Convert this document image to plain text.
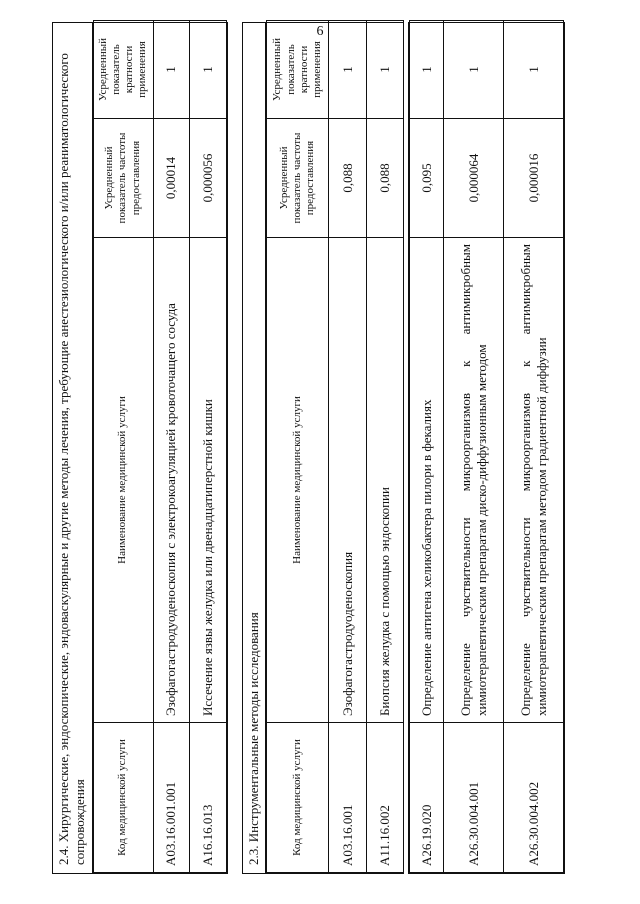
6
A26.19.020	Определение антигена хеликобактера пилори в фекалиях	0,095	1
A26.30.004.001	Определение чувствительности микроорганизмов к антимикробным химиотерапевтическим препаратам диско-диффузионным методом	0,000064	1
A26.30.004.002	Определение чувствительности микроорганизмов к антимикробным химиотерапевтическим препаратам методом градиентной диффузии	0,000016	1
2.3. Инструментальные методы исследования	Код медицинской услуги	Наименование медицинской услуги	Усредненный показатель частоты предоставления	Усредненный показатель кратности применения
A03.16.001	Эзофагогастродуоденоскопия	0,088	1
A11.16.002	Биопсия желудка с помощью эндоскопии	0,088	1
2.4. Хирургические, эндоскопические, эндоваскулярные и другие методы лечения, требующие анестезиологического и/или реаниматологического сопровождения	Код медицинской услуги	Наименование медицинской услуги	Усредненный показатель частоты предоставления	Усредненный показатель кратности применения
A03.16.001.001	Эзофагогастродуоденоскопия с электрокоагуляцией кровоточащего сосуда	0,00014	1
A16.16.013	Иссечение язвы желудка или двенадцатиперстной кишки	0,000056	1
